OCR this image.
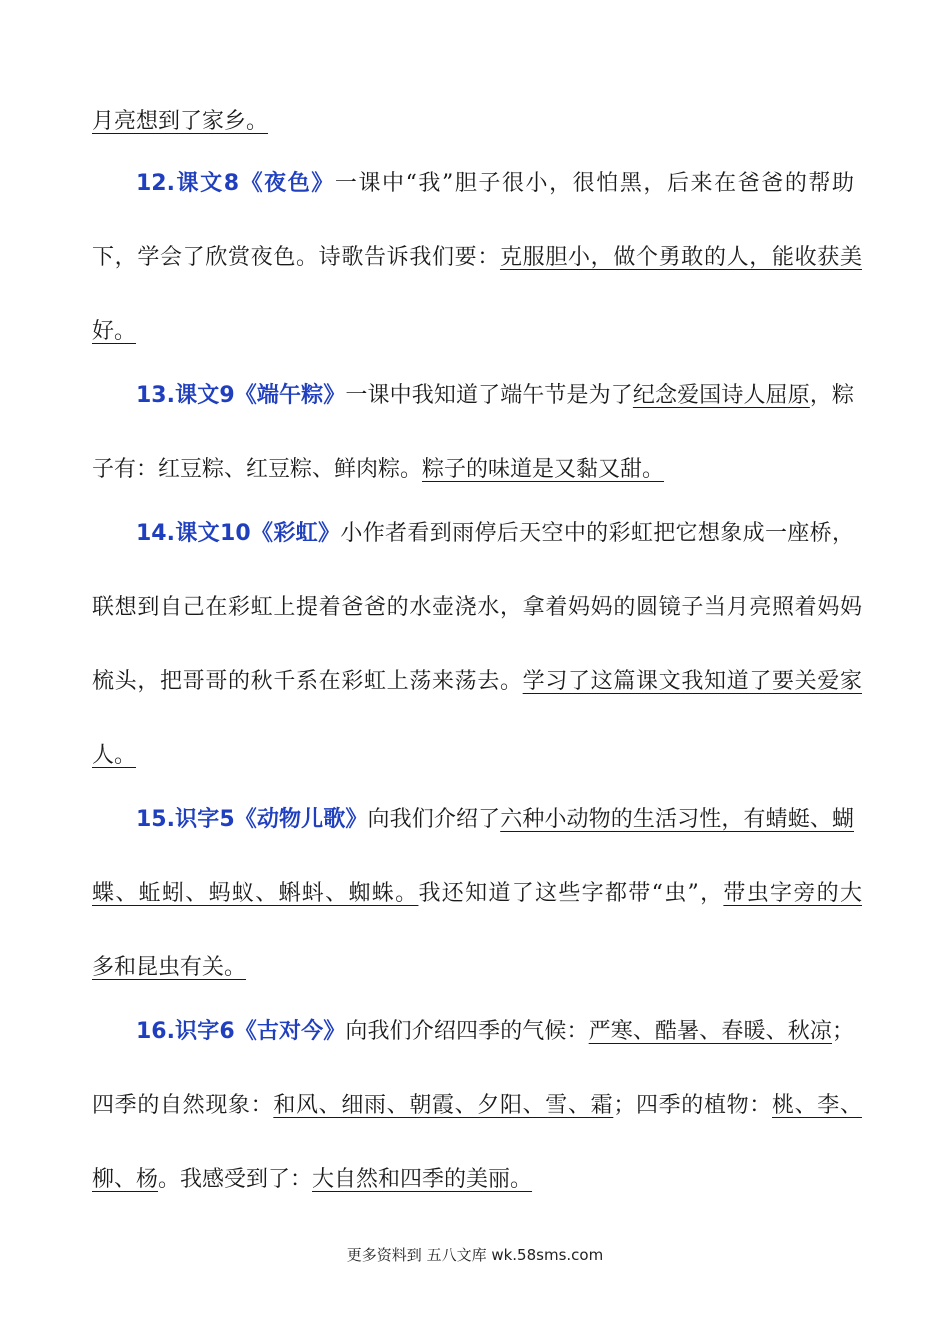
月亮想到了家乡。
12.课文8《夜色》一课中“我”胆子很小，很怕黑，后来在爸爸的帮助
下，学会了欣赏夜色。诗歌告诉我们要：克服胆小，做个勇敢的人，能收获美
好。
13.课文9《端午粽》一课中我知道了端午节是为了纪念爱国诗人屈原，粽
子有：红豆粽、红豆粽、鲜肉粽。粽子的味道是又黏又甜。
14.课文10《彩虹》小作者看到雨停后天空中的彩虹把它想象成一座桥，
联想到自己在彩虹上提着爸爸的水壶浇水，拿着妈妈的圆镜子当月亮照着妈妈
梳头，把哥哥的秋千系在彩虹上荡来荡去。学习了这篇课文我知道了要关爱家
人。
15.识字5《动物儿歌》向我们介绍了六种小动物的生活习性，有蜻蜓、蝴
蝶、蚯蚓、蚂蚁、蝌蚪、蜘蛛。我还知道了这些字都带“虫”，带虫字旁的大
多和昆虫有关。
16.识字6《古对今》向我们介绍四季的气候：严寒、酷暑、春暖、秋凉；
四季的自然现象：和风、细雨、朝霞、夕阳、雪、霜；四季的植物：桃、李、
柳、杨。我感受到了：大自然和四季的美丽。
更多资料到 五八文库 wk.58sms.com
